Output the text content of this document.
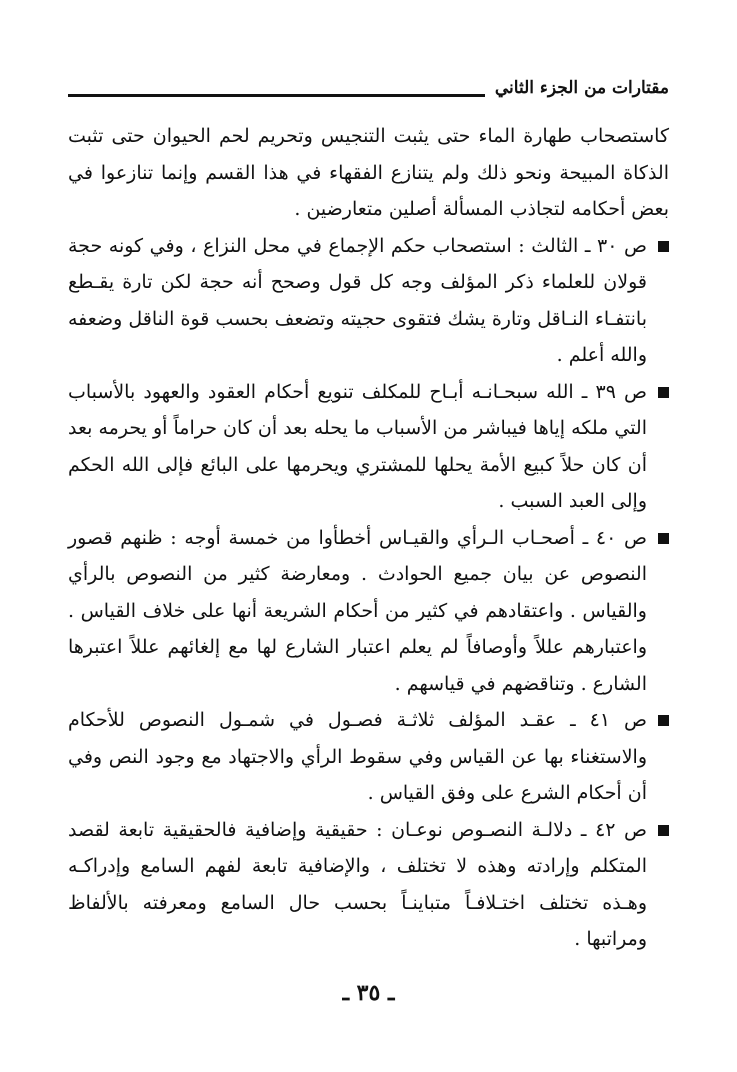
مقتارات من الجزء الثاني

كاستصحاب طهارة الماء حتى يثبت التنجيس وتحريم لحم الحيوان حتى تثبت الذكاة المبيحة ونحو ذلك ولم يتنازع الفقهاء في هذا القسم وإنما تنازعوا في بعض أحكامه لتجاذب المسألة أصلين متعارضين .

ص ٣٠ ـ الثالث : استصحاب حكم الإجماع في محل النزاع ، وفي كونه حجة قولان للعلماء ذكر المؤلف وجه كل قول وصحح أنه حجة لكن تارة يقـطع بانتفـاء النـاقل وتارة يشك فتقوى حجيته وتضعف بحسب قوة الناقل وضعفه والله أعلم .

ص ٣٩ ـ الله سبحـانـه أبـاح للمكلف تنويع أحكام العقود والعهود بالأسباب التي ملكه إياها فيباشر من الأسباب ما يحله بعد أن كان حراماً أو يحرمه بعد أن كان حلاً كبيع الأمة يحلها للمشتري ويحرمها على البائع فإلى الله الحكم وإلى العبد السبب .

ص ٤٠ ـ أصحـاب الـرأي والقيـاس أخطأوا من خمسة أوجه : ظنهم قصور النصوص عن بيان جميع الحوادث . ومعارضة كثير من النصوص بالرأي والقياس . واعتقادهم في كثير من أحكام الشريعة أنها على خلاف القياس . واعتبارهم عللاً وأوصافاً لم يعلم اعتبار الشارع لها مع إلغائهم عللاً اعتبرها الشارع . وتناقضهم في قياسهم .

ص ٤١ ـ عقـد المؤلف ثلاثـة فصـول في شمـول النصوص للأحكام والاستغناء بها عن القياس وفي سقوط الرأي والاجتهاد مع وجود النص وفي أن أحكام الشرع على وفق القياس .

ص ٤٢ ـ دلالـة النصـوص نوعـان : حقيقية وإضافية فالحقيقية تابعة لقصد المتكلم وإرادته وهذه لا تختلف ، والإضافية تابعة لفهم السامع وإدراكـه وهـذه تختلف اختـلافـاً متباينـاً بحسب حال السامع ومعرفته بالألفاظ ومراتبها .

ـ ٣٥ ـ
